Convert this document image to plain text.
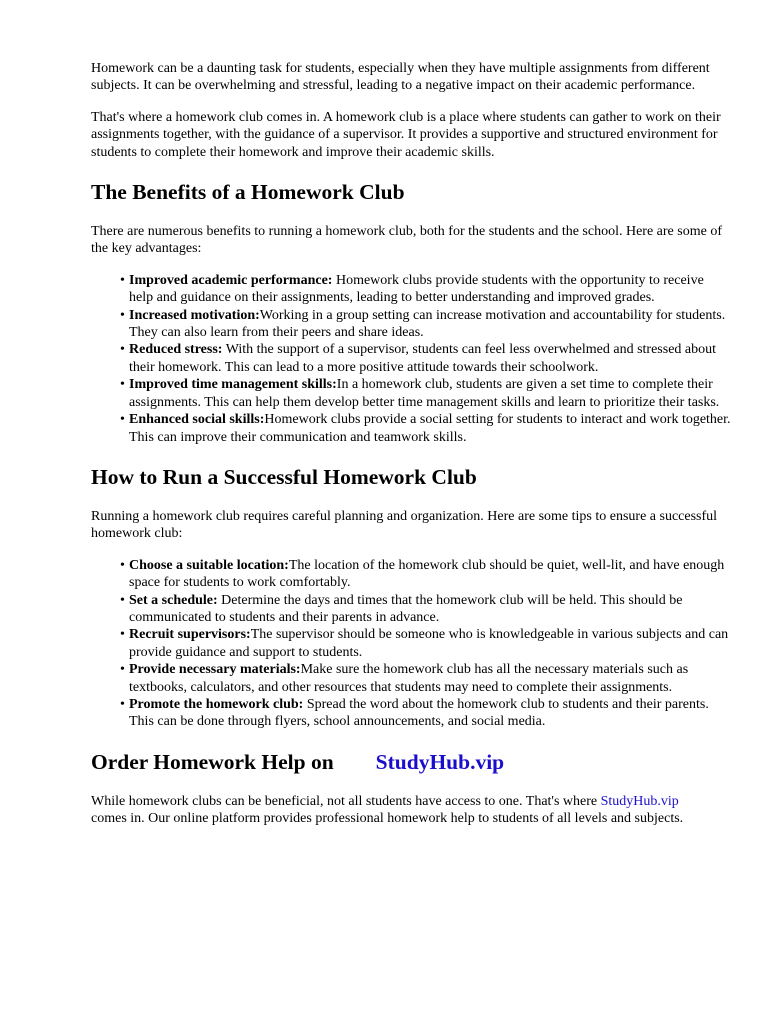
Homework can be a daunting task for students, especially when they have multiple assignments from different subjects. It can be overwhelming and stressful, leading to a negative impact on their academic performance.

That's where a homework club comes in. A homework club is a place where students can gather to work on their assignments together, with the guidance of a supervisor. It provides a supportive and structured environment for students to complete their homework and improve their academic skills.

The Benefits of a Homework Club

There are numerous benefits to running a homework club, both for the students and the school. Here are some of the key advantages:

• Improved academic performance: Homework clubs provide students with the opportunity to receive help and guidance on their assignments, leading to better understanding and improved grades.
• Increased motivation:Working in a group setting can increase motivation and accountability for students. They can also learn from their peers and share ideas.
• Reduced stress: With the support of a supervisor, students can feel less overwhelmed and stressed about their homework. This can lead to a more positive attitude towards their schoolwork.
• Improved time management skills:In a homework club, students are given a set time to complete their assignments. This can help them develop better time management skills and learn to prioritize their tasks.
• Enhanced social skills:Homework clubs provide a social setting for students to interact and work together. This can improve their communication and teamwork skills.
How to Run a Successful Homework Club

Running a homework club requires careful planning and organization. Here are some tips to ensure a successful homework club:

• Choose a suitable location:The location of the homework club should be quiet, well-lit, and have enough space for students to work comfortably.
• Set a schedule: Determine the days and times that the homework club will be held. This should be communicated to students and their parents in advance.
• Recruit supervisors:The supervisor should be someone who is knowledgeable in various subjects and can provide guidance and support to students.
• Provide necessary materials:Make sure the homework club has all the necessary materials such as textbooks, calculators, and other resources that students may need to complete their assignments.
• Promote the homework club: Spread the word about the homework club to students and their parents. This can be done through flyers, school announcements, and social media.
Order Homework Help on StudyHub.vip

While homework clubs can be beneficial, not all students have access to one. That's where StudyHub.vip comes in. Our online platform provides professional homework help to students of all levels and subjects.
